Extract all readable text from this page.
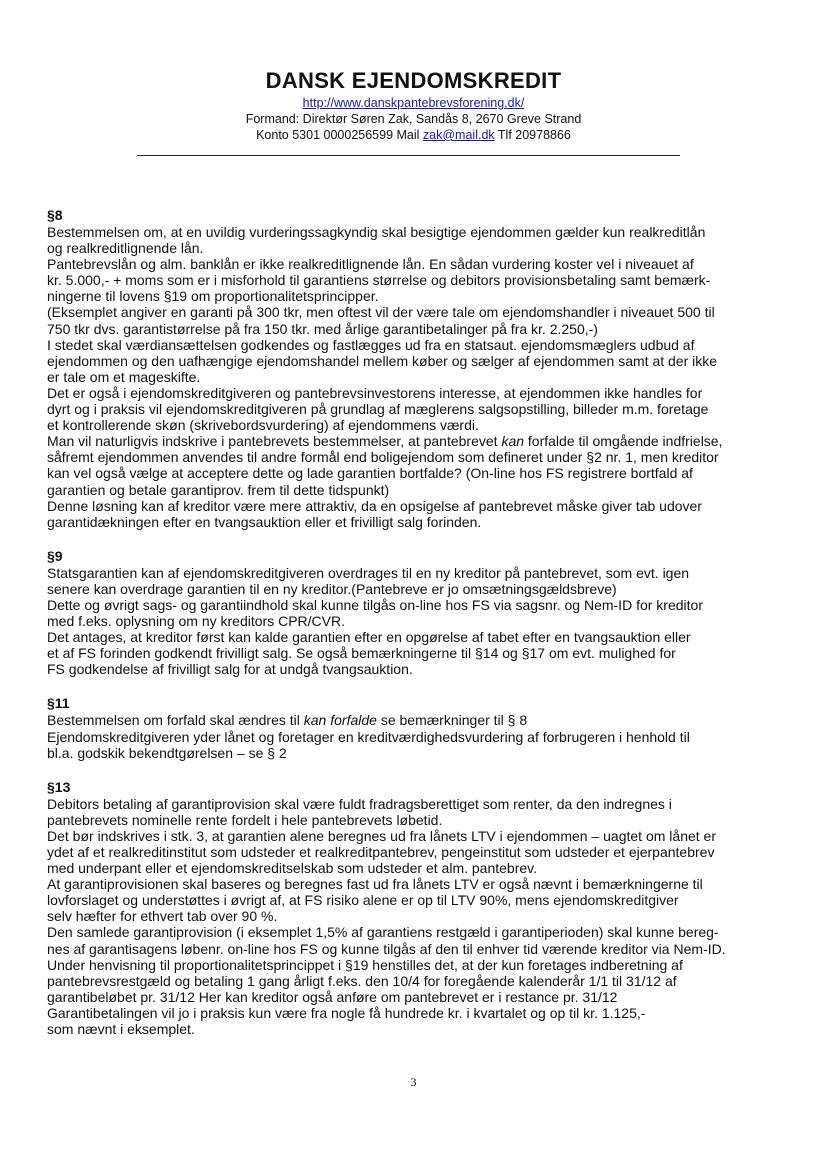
DANSK EJENDOMSKREDIT
http://www.danskpantebrevsforening.dk/
Formand: Direktør Søren Zak, Sandås 8, 2670 Greve Strand
Konto 5301 0000256599 Mail zak@mail.dk Tlf 20978866
§8

Bestemmelsen om, at en uvildig vurderingssagkyndig skal besigtige ejendommen gælder kun realkreditlån
og realkreditlignende lån.

Pantebrevslån og alm. banklån er ikke realkreditlignende lån. En sådan vurdering koster vel i niveauet af
kr. 5.000,- + moms som er i misforhold til garantiens størrelse og debitors provisionsbetaling samt bemærk-
ningerne til lovens §19 om proportionalitetsprincipper.

(Eksemplet angiver en garanti på 300 tkr, men oftest vil der være tale om ejendomshandler i niveauet 500 til
750 tkr dvs. garantistørrelse på fra 150 tkr. med årlige garantibetalinger på fra kr. 2.250,-)

I stedet skal værdiansættelsen godkendes og fastlægges ud fra en statsaut. ejendomsmæglers udbud af
ejendommen og den uafhængige ejendomshandel mellem køber og sælger af ejendommen samt at der ikke
er tale om et mageskifte.

Det er også i ejendomskreditgiveren og pantebrevsinvestorens interesse, at ejendommen ikke handles for
dyrt og i praksis vil ejendomskreditgiveren på grundlag af mæglerens salgsopstilling, billeder m.m. foretage
et kontrollerende skøn (skrivebordsvurdering) af ejendommens værdi.

Man vil naturligvis indskrive i pantebrevets bestemmelser, at pantebrevet kan forfalde til omgående indfrielse,
såfremt ejendommen anvendes til andre formål end boligejendom som defineret under §2 nr. 1, men kreditor
kan vel også vælge at acceptere dette og lade garantien bortfalde? (On-line hos FS registrere bortfald af
garantien og betale garantiprov. frem til dette tidspunkt)

Denne løsning kan af kreditor være mere attraktiv, da en opsigelse af pantebrevet måske giver tab udover
garantidækningen efter en tvangsauktion eller et frivilligt salg forinden.

§9

Statsgarantien kan af ejendomskreditgiveren overdrages til en ny kreditor på pantebrevet, som evt. igen
senere kan overdrage garantien til en ny kreditor.(Pantebreve er jo omsætningsgældsbreve)

Dette og øvrigt sags- og garantiindhold skal kunne tilgås on-line hos FS via sagsnr. og Nem-ID for kreditor
med f.eks. oplysning om ny kreditors CPR/CVR.

Det antages, at kreditor først kan kalde garantien efter en opgørelse af tabet efter en tvangsauktion eller
et af FS forinden godkendt frivilligt salg. Se også bemærkningerne til §14 og §17 om evt. mulighed for
FS godkendelse af frivilligt salg for at undgå tvangsauktion.

§11

Bestemmelsen om forfald skal ændres til kan forfalde se bemærkninger til § 8

Ejendomskreditgiveren yder lånet og foretager en kreditværdighedsvurdering af forbrugeren i henhold til
bl.a. godskik bekendtgørelsen – se § 2

§13

Debitors betaling af garantiprovision skal være fuldt fradragsberettiget som renter, da den indregnes i
pantebrevets nominelle rente fordelt i hele pantebrevets løbetid.

Det bør indskrives i stk. 3, at garantien alene beregnes ud fra lånets LTV i ejendommen – uagtet om lånet er
ydet af et realkreditinstitut som udsteder et realkreditpantebrev, pengeinstitut som udsteder et ejerpantebrev
med underpant eller et ejendomskreditselskab som udsteder et alm. pantebrev.

At garantiprovisionen skal baseres og beregnes fast ud fra lånets LTV er også nævnt i bemærkningerne til
lovforslaget og understøttes i øvrigt af, at FS risiko alene er op til LTV 90%, mens ejendomskreditgiver
selv hæfter for ethvert tab over 90 %.

Den samlede garantiprovision (i eksemplet 1,5% af garantiens restgæld i garantiperioden) skal kunne bereg-
nes af garantisagens løbenr. on-line hos FS og kunne tilgås af den til enhver tid værende kreditor via Nem-ID.

Under henvisning til proportionalitetsprincippet i §19 henstilles det, at der kun foretages indberetning af
pantebrevsrestgæld og betaling 1 gang årligt f.eks. den 10/4 for foregående kalenderår 1/1 til 31/12 af
garantibeløbet pr. 31/12 Her kan kreditor også anføre om pantebrevet er i restance pr. 31/12

Garantibetalingen vil jo i praksis kun være fra nogle få hundrede kr. i kvartalet og op til kr. 1.125,-
som nævnt i eksemplet.

3
